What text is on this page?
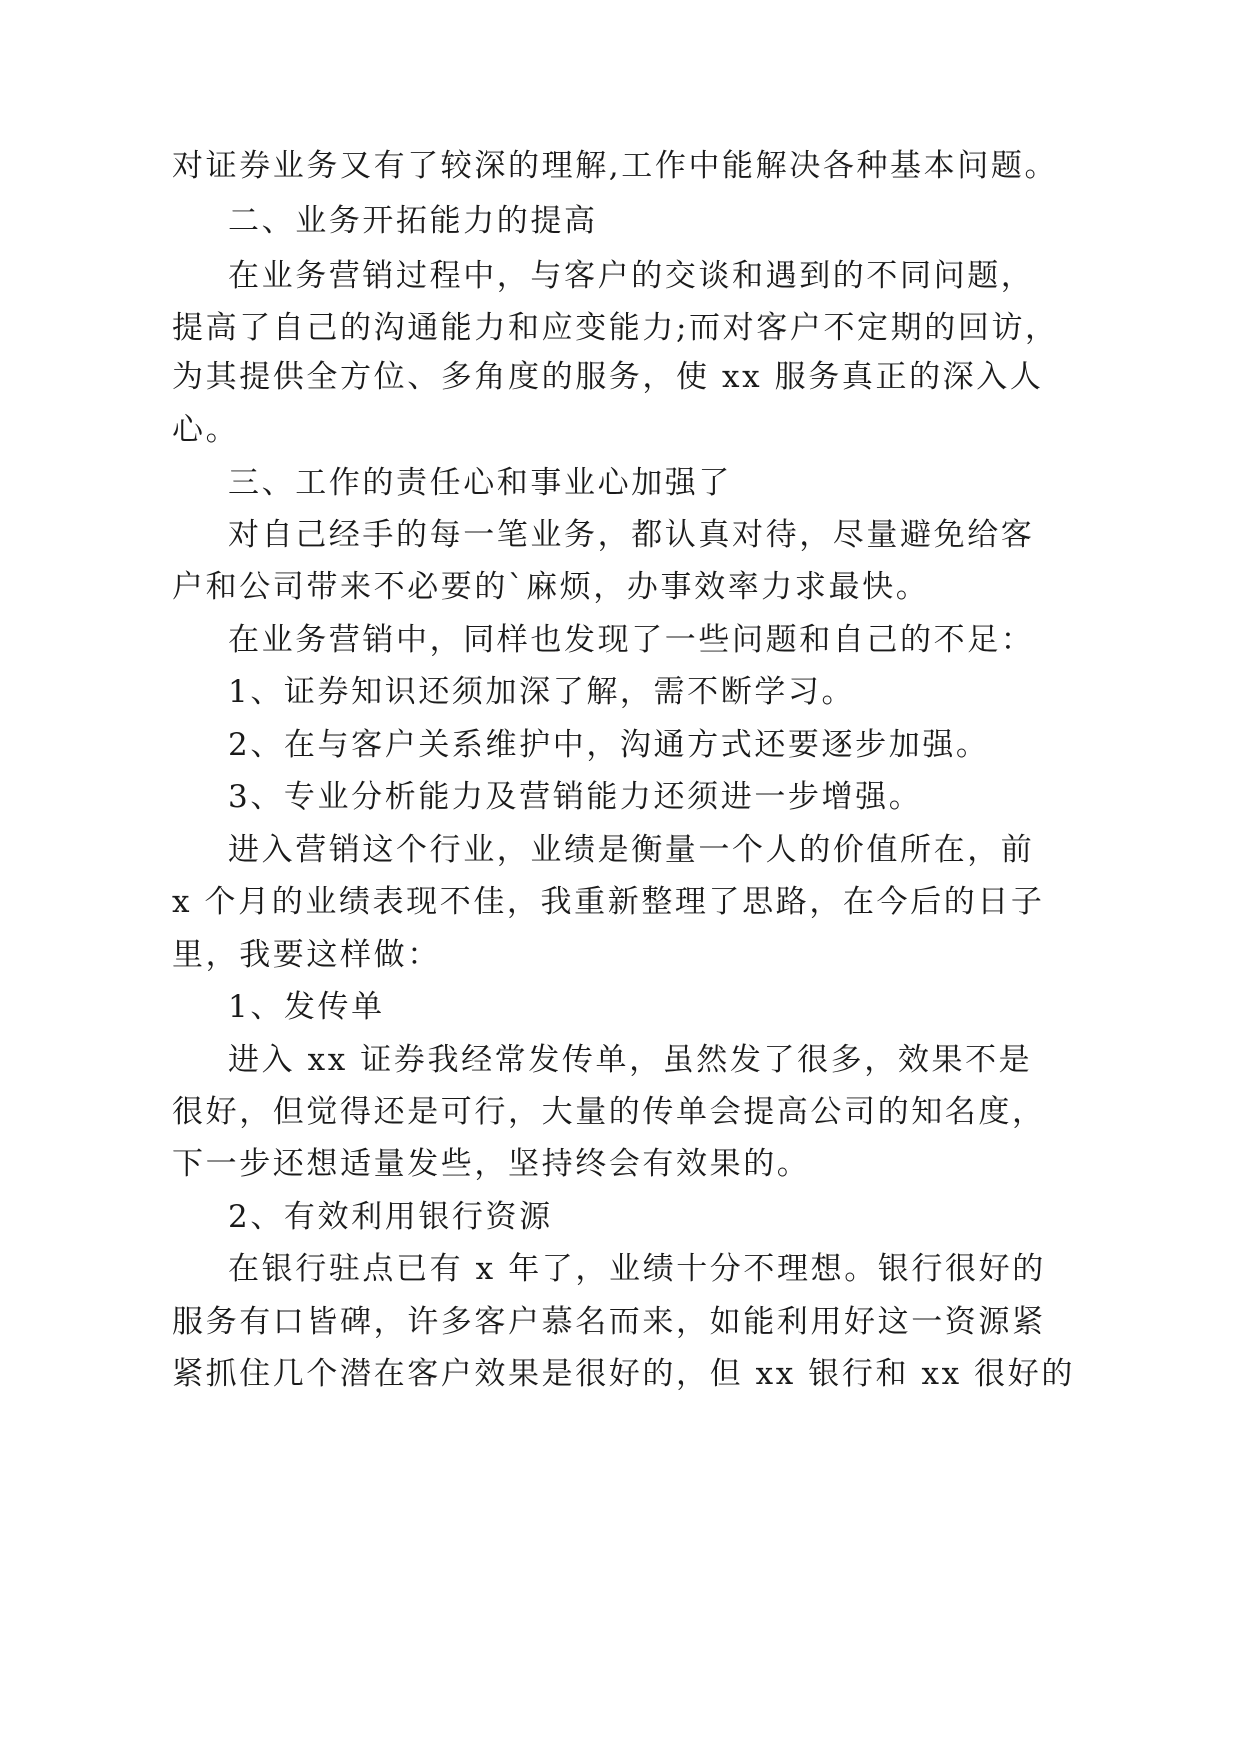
对证券业务又有了较深的理解,工作中能解决各种基本问题。
二、业务开拓能力的提高
在业务营销过程中，与客户的交谈和遇到的不同问题，
提高了自己的沟通能力和应变能力;而对客户不定期的回访，
为其提供全方位、多角度的服务，使 xx 服务真正的深入人
心。
三、工作的责任心和事业心加强了
对自己经手的每一笔业务，都认真对待，尽量避免给客
户和公司带来不必要的`麻烦，办事效率力求最快。
在业务营销中，同样也发现了一些问题和自己的不足：
1、证券知识还须加深了解，需不断学习。
2、在与客户关系维护中，沟通方式还要逐步加强。
3、专业分析能力及营销能力还须进一步增强。
进入营销这个行业，业绩是衡量一个人的价值所在，前
x 个月的业绩表现不佳，我重新整理了思路，在今后的日子
里，我要这样做：
1、发传单
进入 xx 证券我经常发传单，虽然发了很多，效果不是
很好，但觉得还是可行，大量的传单会提高公司的知名度，
下一步还想适量发些，坚持终会有效果的。
2、有效利用银行资源
在银行驻点已有 x 年了，业绩十分不理想。银行很好的
服务有口皆碑，许多客户慕名而来，如能利用好这一资源紧
紧抓住几个潜在客户效果是很好的，但 xx 银行和 xx 很好的
